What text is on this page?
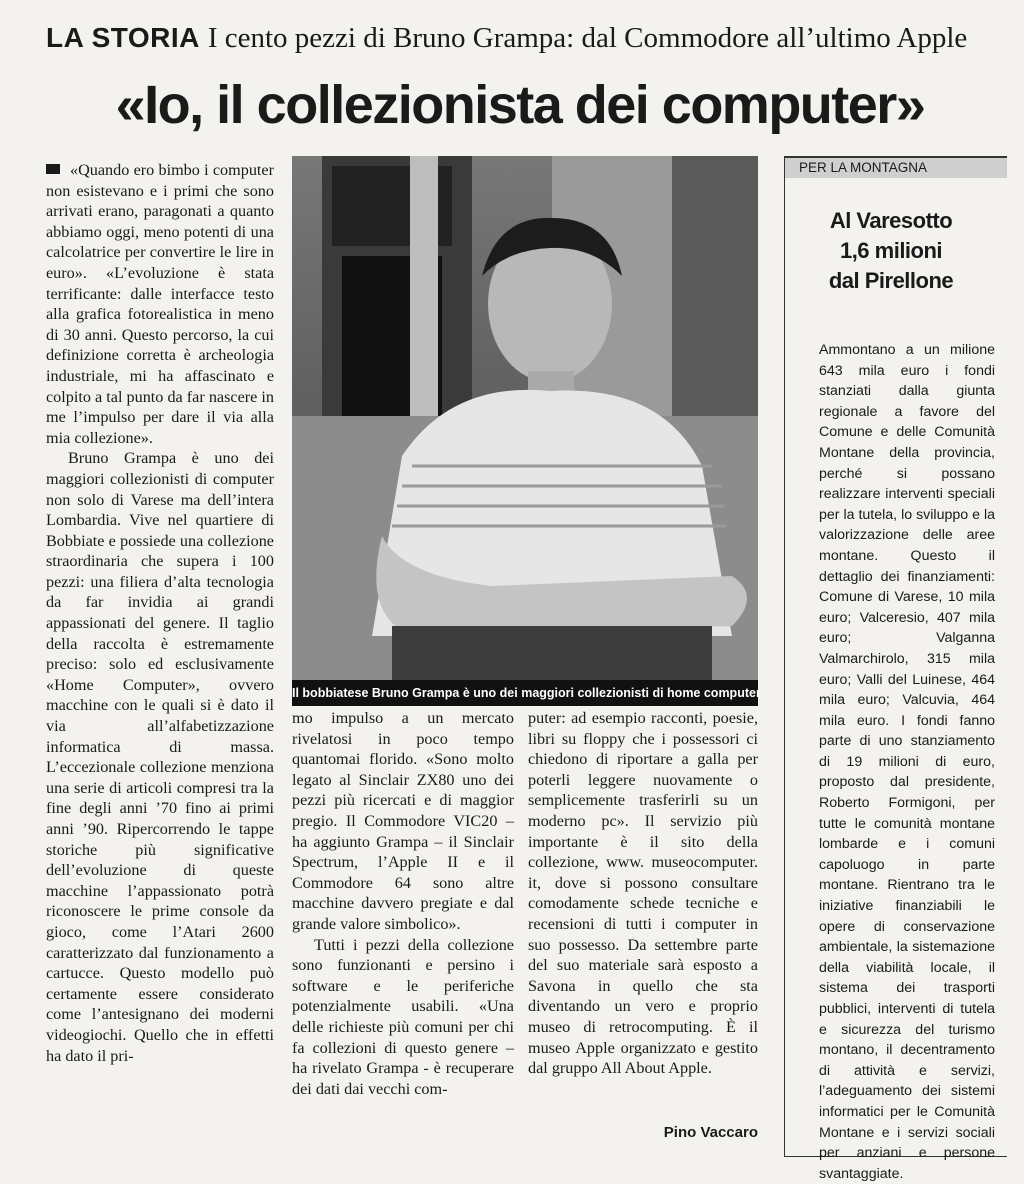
LA STORIA I cento pezzi di Bruno Grampa: dal Commodore all’ultimo Apple
«Io, il collezionista dei computer»

«Quando ero bimbo i computer non esistevano e i primi che sono arrivati erano, paragonati a quanto abbiamo oggi, meno potenti di una calcolatrice per convertire le lire in euro». «L’evoluzione è stata terrificante: dalle interfacce testo alla grafica fotorealistica in meno di 30 anni. Questo percorso, la cui definizione corretta è archeologia industriale, mi ha affascinato e colpito a tal punto da far nascere in me l’impulso per dare il via alla mia collezione».

Bruno Grampa è uno dei maggiori collezionisti di computer non solo di Varese ma dell’intera Lombardia. Vive nel quartiere di Bobbiate e possiede una collezione straordinaria che supera i 100 pezzi: una filiera d’alta tecnologia da far invidia ai grandi appassionati del genere. Il taglio della raccolta è estremamente preciso: solo ed esclusivamente «Home Computer», ovvero macchine con le quali si è dato il via all’alfabetizzazione informatica di massa. L’eccezionale collezione menziona una serie di articoli compresi tra la fine degli anni ’70 fino ai primi anni ’90. Ripercorrendo le tappe storiche più significative dell’evoluzione di queste macchine l’appassionato potrà riconoscere le prime console da gioco, come l’Atari 2600 caratterizzato dal funzionamento a cartucce. Questo modello può certamente essere considerato come l’antesignano dei moderni videogiochi. Quello che in effetti ha dato il pri-

Il bobbiatese Bruno Grampa è uno dei maggiori collezionisti di home computer

mo impulso a un mercato rivelatosi in poco tempo quantomai florido. «Sono molto legato al Sinclair ZX80 uno dei pezzi più ricercati e di maggior pregio. Il Commodore VIC20 – ha aggiunto Grampa – il Sinclair Spectrum, l’Apple II e il Commodore 64 sono altre macchine davvero pregiate e dal grande valore simbolico».

Tutti i pezzi della collezione sono funzionanti e persino i software e le periferiche potenzialmente usabili. «Una delle richieste più comuni per chi fa collezioni di questo genere – ha rivelato Grampa - è recuperare dei dati dai vecchi com-

puter: ad esempio racconti, poesie, libri su floppy che i possessori ci chiedono di riportare a galla per poterli leggere nuovamente o semplicemente trasferirli su un moderno pc». Il servizio più importante è il sito della collezione, www. museocomputer. it, dove si possono consultare comodamente schede tecniche e recensioni di tutti i computer in suo possesso. Da settembre parte del suo materiale sarà esposto a Savona in quello che sta diventando un vero e proprio museo di retrocomputing. È il museo Apple organizzato e gestito dal gruppo All About Apple.

Pino Vaccaro
PER LA MONTAGNA
Al Varesotto
1,6 milioni
dal Pirellone
Ammontano a un milione 643 mila euro i fondi stanziati dalla giunta regionale a favore del Comune e delle Comunità Montane della provincia, perché si possano realizzare interventi speciali per la tutela, lo sviluppo e la valorizzazione delle aree montane. Questo il dettaglio dei finanziamenti: Comune di Varese, 10 mila euro; Valceresio, 407 mila euro; Valganna Valmarchirolo, 315 mila euro; Valli del Luinese, 464 mila euro; Valcuvia, 464 mila euro. I fondi fanno parte di uno stanziamento di 19 milioni di euro, proposto dal presidente, Roberto Formigoni, per tutte le comunità montane lombarde e i comuni capoluogo in parte montane. Rientrano tra le iniziative finanziabili le opere di conservazione ambientale, la sistemazione della viabilità locale, il sistema dei trasporti pubblici, interventi di tutela e sicurezza del turismo montano, il decentramento di attività e servizi, l’adeguamento dei sistemi informatici per le Comunità Montane e i servizi sociali per anziani e persone svantaggiate.
